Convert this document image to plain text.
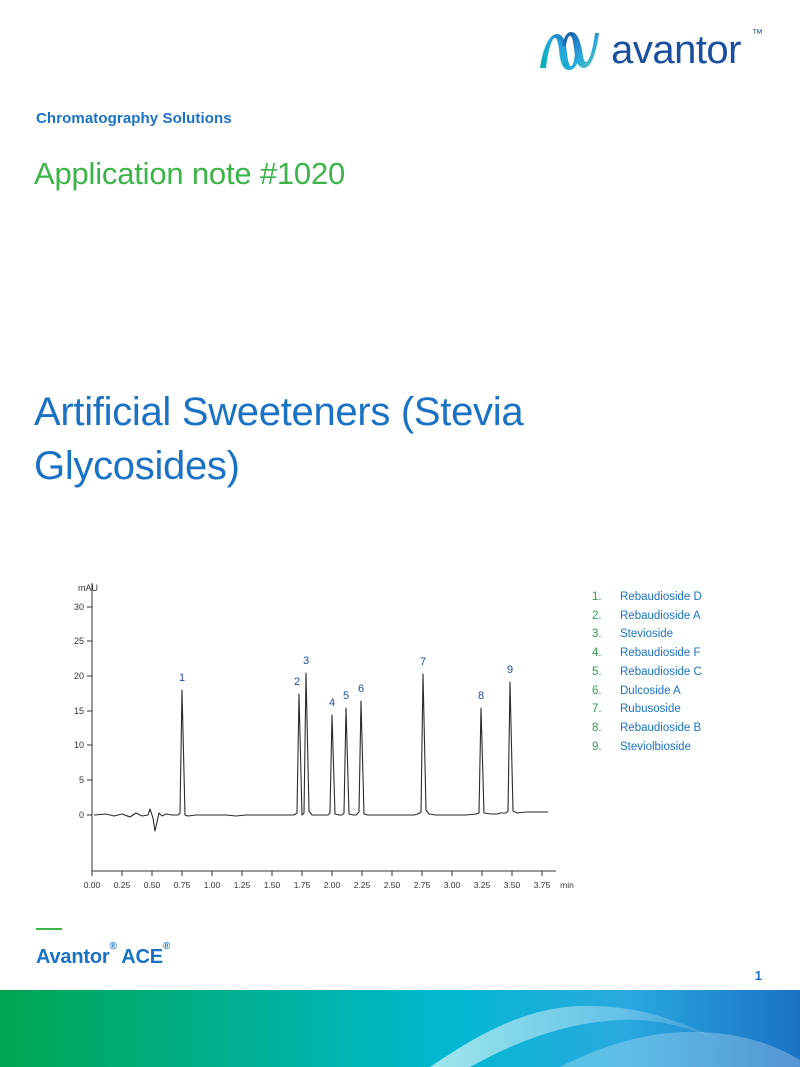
avantor ™
Chromatography Solutions
Application note #1020
Artificial Sweeteners (Stevia Glycosides)
30
25
20
15
10
5
0
mAU
0.00 0.25 0.50 0.75 1.00 1.25 1.50 1.75 2.00 2.25 2.50 2.75 3.00 3.25 3.50 3.75 min
1	2
3
4
5
6
7
8
9
1.	Rebaudioside D
2.	Rebaudioside A
3.	Stevioside
4.	Rebaudioside F
5.	Rebaudioside C
6.	Dulcoside A
7.	Rubusoside
8.	Rebaudioside B
9.	Steviolbioside
Avantor® ACE®
1
